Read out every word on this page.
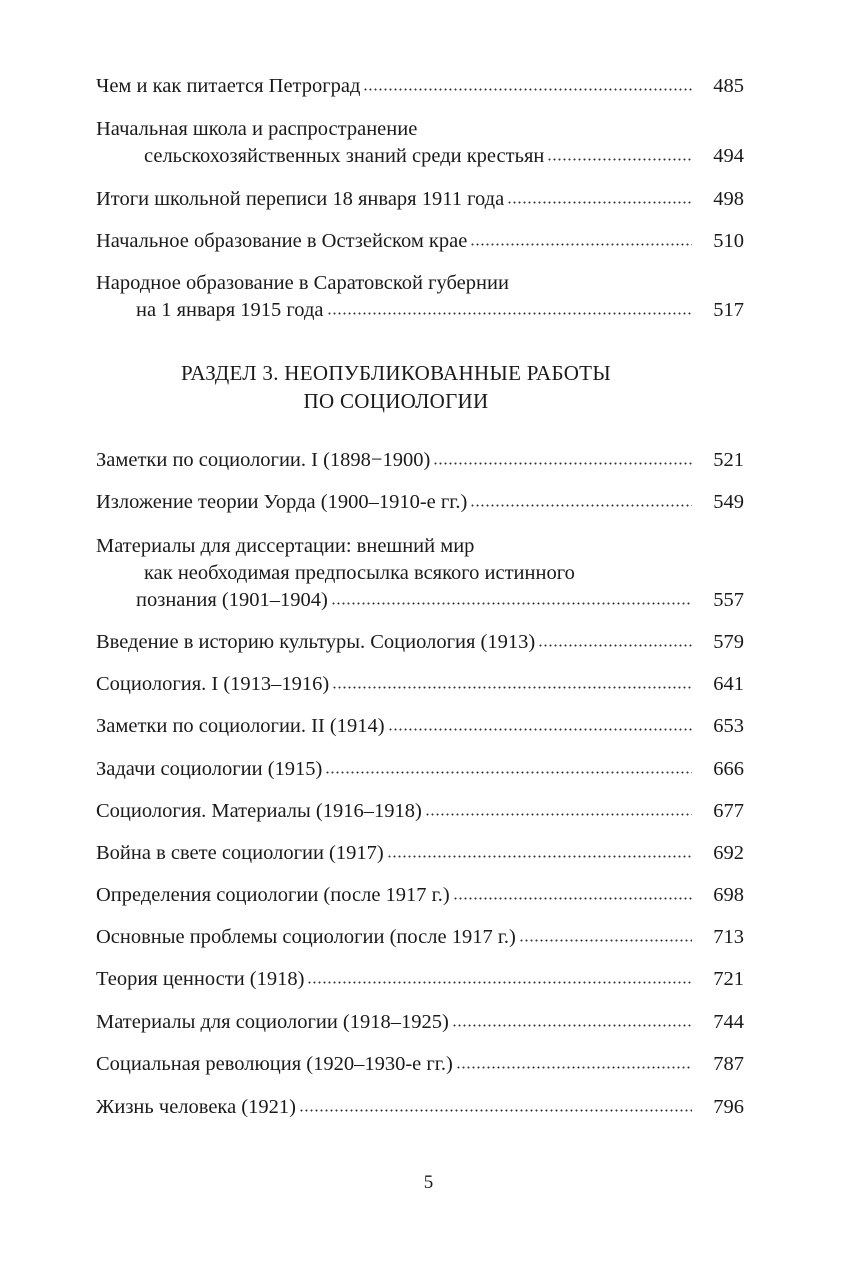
Чем и как питается Петроград	485
Начальная школа и распространение
сельскохозяйственных знаний среди крестьян	494
Итоги школьной переписи 18 января 1911 года	498
Начальное образование в Остзейском крае	510
Народное образование в Саратовской губернии
на 1 января 1915 года	517
РАЗДЕЛ 3. НЕОПУБЛИКОВАННЫЕ РАБОТЫ
ПО СОЦИОЛОГИИ
Заметки по социологии. I (1898−1900)	521
Изложение теории Уорда (1900–1910-е гг.)	549
Материалы для диссертации: внешний мир
как необходимая предпосылка всякого истинного
познания (1901–1904)	557
Введение в историю культуры. Социология (1913)	579
Социология. I (1913–1916)	641
Заметки по социологии. II (1914)	653
Задачи социологии (1915)	666
Социология. Материалы (1916–1918)	677
Война в свете социологии (1917)	692
Определения социологии (после 1917 г.)	698
Основные проблемы социологии (после 1917 г.)	713
Теория ценности (1918)	721
Материалы для социологии (1918–1925)	744
Социальная революция (1920–1930-е гг.)	787
Жизнь человека (1921)	796
5
